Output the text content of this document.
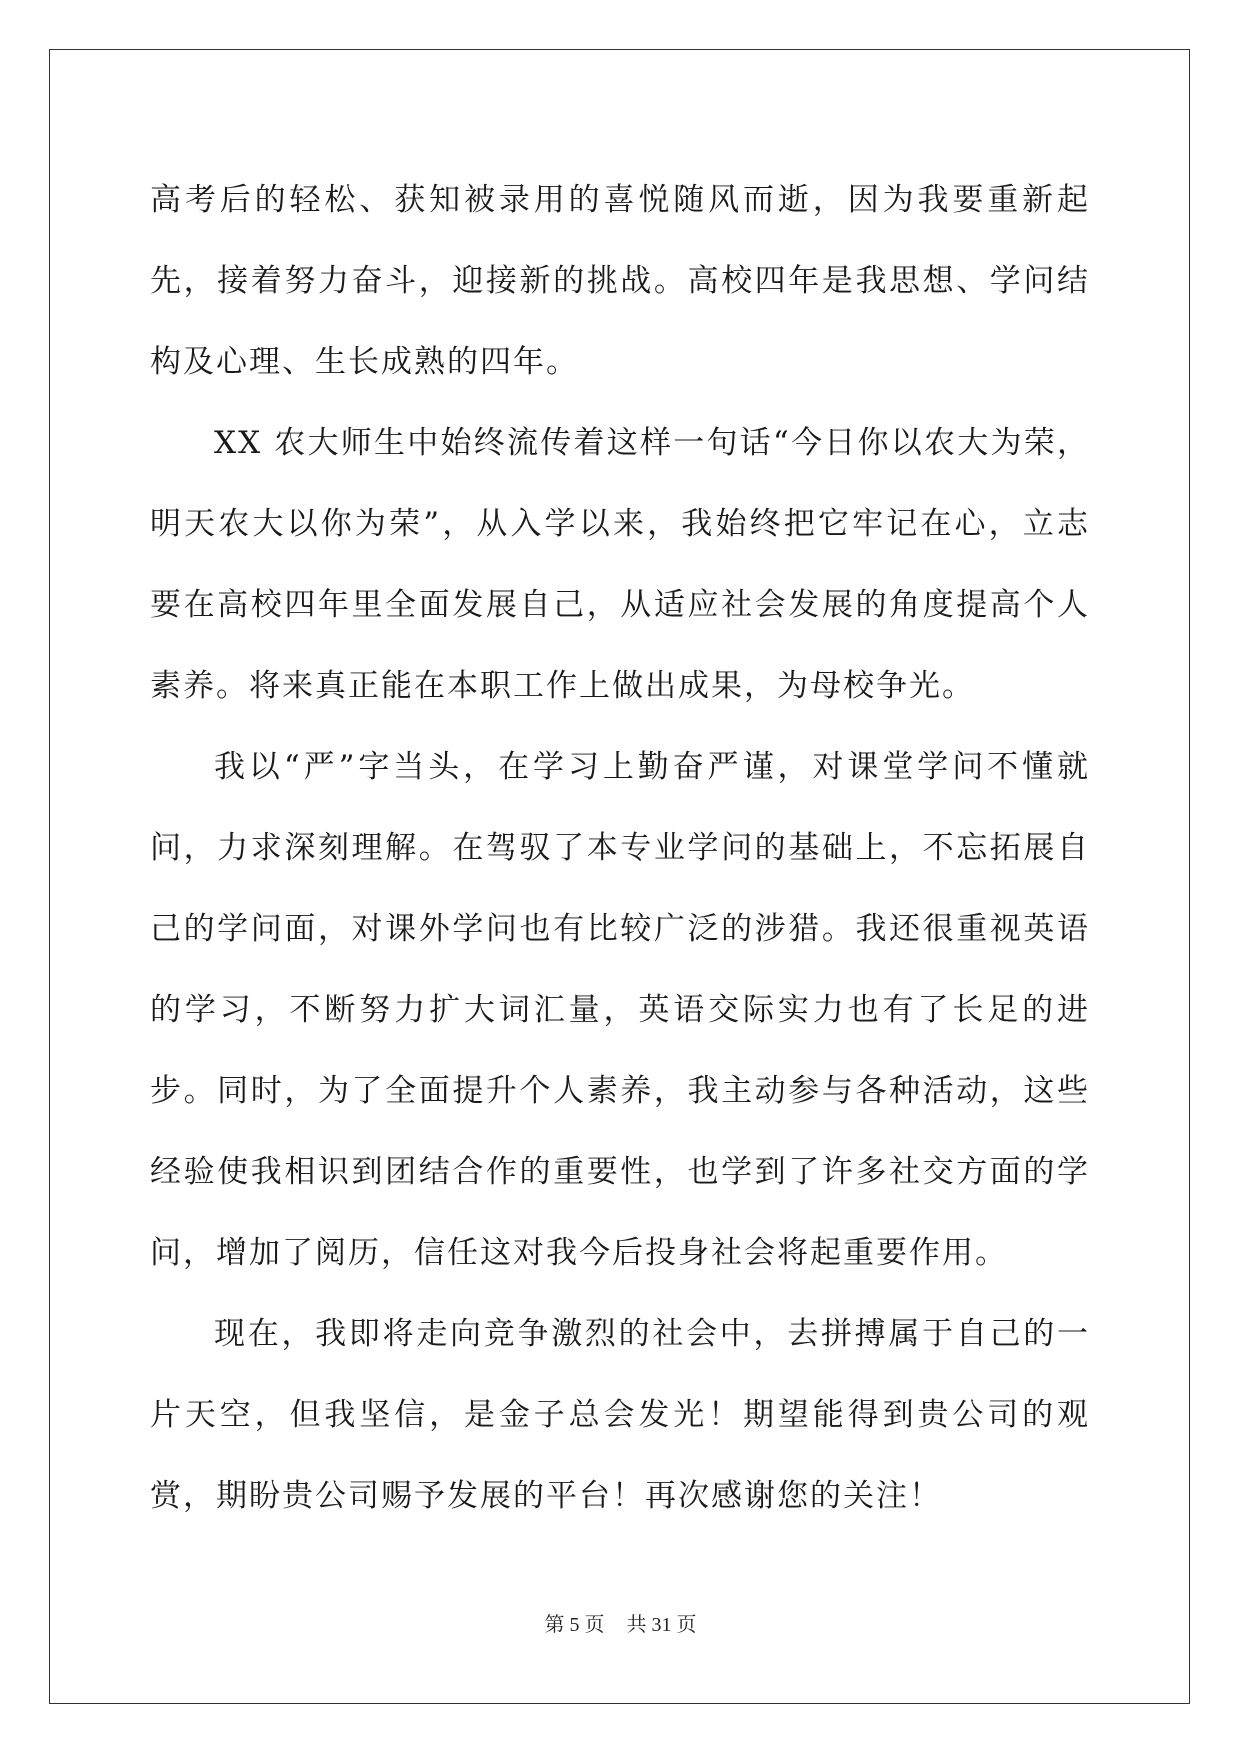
高考后的轻松、获知被录用的喜悦随风而逝，因为我要重新起先，接着努力奋斗，迎接新的挑战。高校四年是我思想、学问结构及心理、生长成熟的四年。

XX 农大师生中始终流传着这样一句话“今日你以农大为荣，明天农大以你为荣”，从入学以来，我始终把它牢记在心，立志要在高校四年里全面发展自己，从适应社会发展的角度提高个人素养。将来真正能在本职工作上做出成果，为母校争光。

我以“严”字当头，在学习上勤奋严谨，对课堂学问不懂就问，力求深刻理解。在驾驭了本专业学问的基础上，不忘拓展自己的学问面，对课外学问也有比较广泛的涉猎。我还很重视英语的学习，不断努力扩大词汇量，英语交际实力也有了长足的进步。同时，为了全面提升个人素养，我主动参与各种活动，这些经验使我相识到团结合作的重要性，也学到了许多社交方面的学问，增加了阅历，信任这对我今后投身社会将起重要作用。

现在，我即将走向竞争激烈的社会中，去拼搏属于自己的一片天空，但我坚信，是金子总会发光！期望能得到贵公司的观赏，期盼贵公司赐予发展的平台！再次感谢您的关注！

第 5 页 共 31 页
